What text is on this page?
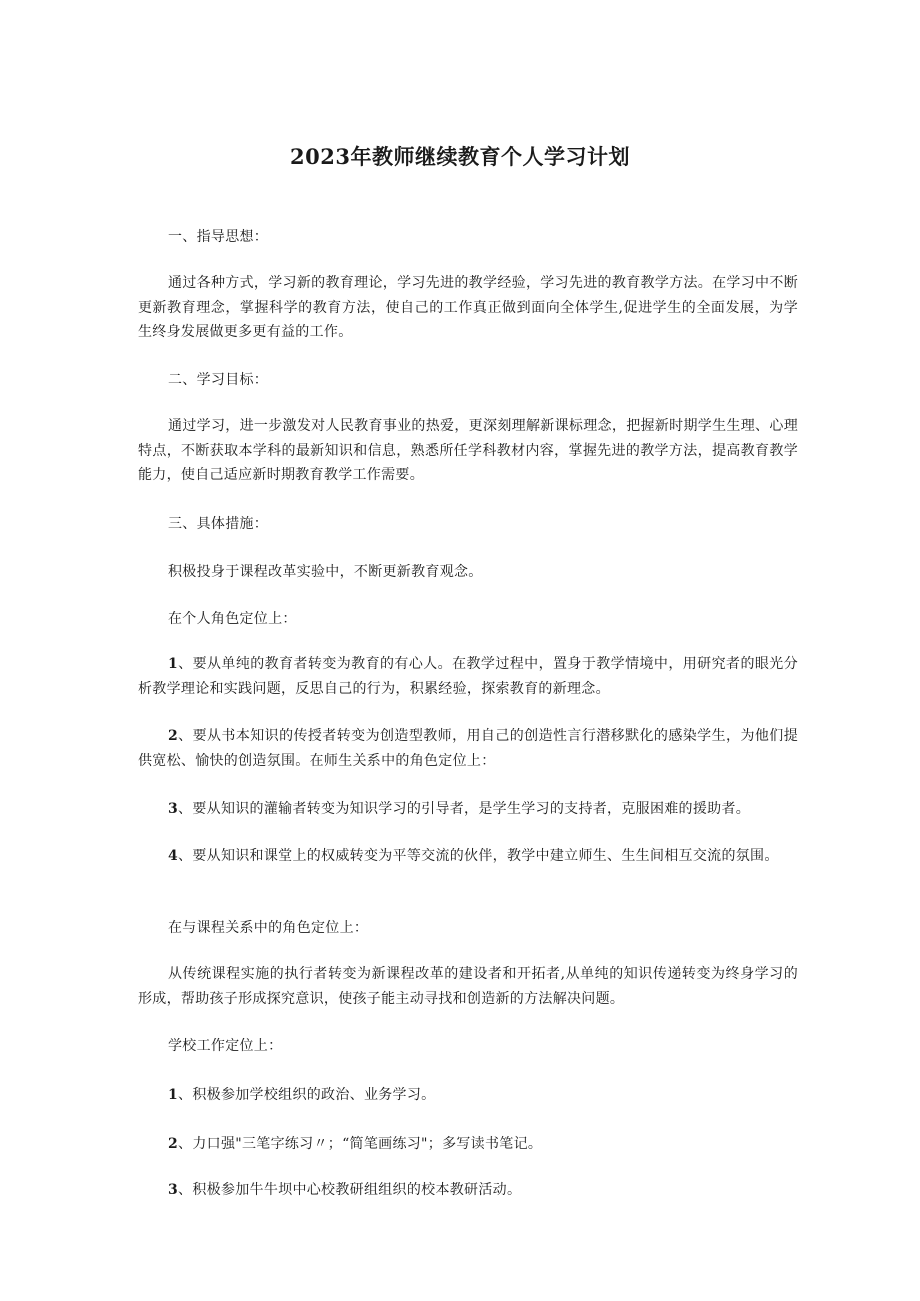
2023年教师继续教育个人学习计划

一、指导思想：

通过各种方式，学习新的教育理论，学习先进的教学经验，学习先进的教育教学方法。在学习中不断更新教育理念，掌握科学的教育方法，使自己的工作真正做到面向全体学生,促进学生的全面发展，为学生终身发展做更多更有益的工作。

二、学习目标：

通过学习，进一步激发对人民教育事业的热爱，更深刻理解新课标理念，把握新时期学生生理、心理特点，不断获取本学科的最新知识和信息，熟悉所任学科教材内容，掌握先进的教学方法，提高教育教学能力，使自己适应新时期教育教学工作需要。

三、具体措施：

积极投身于课程改革实验中，不断更新教育观念。

在个人角色定位上：

1、要从单纯的教育者转变为教育的有心人。在教学过程中，置身于教学情境中，用研究者的眼光分析教学理论和实践问题，反思自己的行为，积累经验，探索教育的新理念。

2、要从书本知识的传授者转变为创造型教师，用自己的创造性言行潜移默化的感染学生，为他们提供宽松、愉快的创造氛围。在师生关系中的角色定位上：

3、要从知识的灌输者转变为知识学习的引导者，是学生学习的支持者，克服困难的援助者。

4、要从知识和课堂上的权威转变为平等交流的伙伴，教学中建立师生、生生间相互交流的氛围。

在与课程关系中的角色定位上：

从传统课程实施的执行者转变为新课程改革的建设者和开拓者,从单纯的知识传递转变为终身学习的形成，帮助孩子形成探究意识，使孩子能主动寻找和创造新的方法解决问题。

学校工作定位上：

1、积极参加学校组织的政治、业务学习。

2、力口强"三笔字练习〃；“简笔画练习"；多写读书笔记。

3、积极参加牛牛坝中心校教研组组织的校本教研活动。
